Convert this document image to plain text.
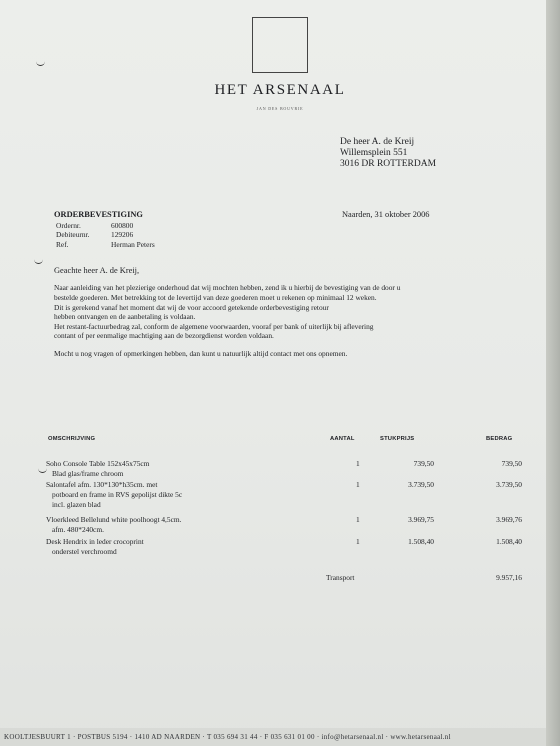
HET ARSENAAL
JAN DES BOUVRIE
De heer A. de Kreij
Willemsplein 551
3016 DR ROTTERDAM
ORDERBEVESTIGING	Naarden, 31 oktober 2006
Ordernr.	600800
Debiteurnr.	129206
Ref.	Herman Peters
Geachte heer A. de Kreij,
Naar aanleiding van het plezierige onderhoud dat wij mochten hebben, zend ik u hierbij de bevestiging van de door u
bestelde goederen. Met betrekking tot de levertijd van deze goederen moet u rekenen op minimaal 12 weken.
Dit is gerekend vanaf het moment dat wij de voor accoord getekende orderbevestiging retour
hebben ontvangen en de aanbetaling is voldaan.
Het restant-factuurbedrag zal, conform de algemene voorwaarden, vooraf per bank of uiterlijk bij aflevering
contant of per eenmalige machtiging aan de bezorgdienst worden voldaan.
Mocht u nog vragen of opmerkingen hebben, dan kunt u natuurlijk altijd contact met ons opnemen.
OMSCHRIJVING	AANTAL	STUKPRIJS	BEDRAG
Soho Console Table 152x45x75cm
Blad glas/frame chroom
1	739,50	739,50
Salontafel afm. 130*130*h35cm. met
potboard en frame in RVS gepolijst dikte 5c
incl. glazen blad
1	3.739,50	3.739,50
Vloerkleed Bellelund white poolhoogt 4,5cm.
afm. 480*240cm.
1	3.969,75	3.969,76
Desk Hendrix in leder crocoprint
onderstel verchroomd
1	1.508,40	1.508,40
Transport	9.957,16
KOOLTJESBUURT 1 · POSTBUS 5194 · 1410 AD NAARDEN · T 035 694 31 44 · F 035 631 01 00 · info@hetarsenaal.nl · www.hetarsenaal.nl
